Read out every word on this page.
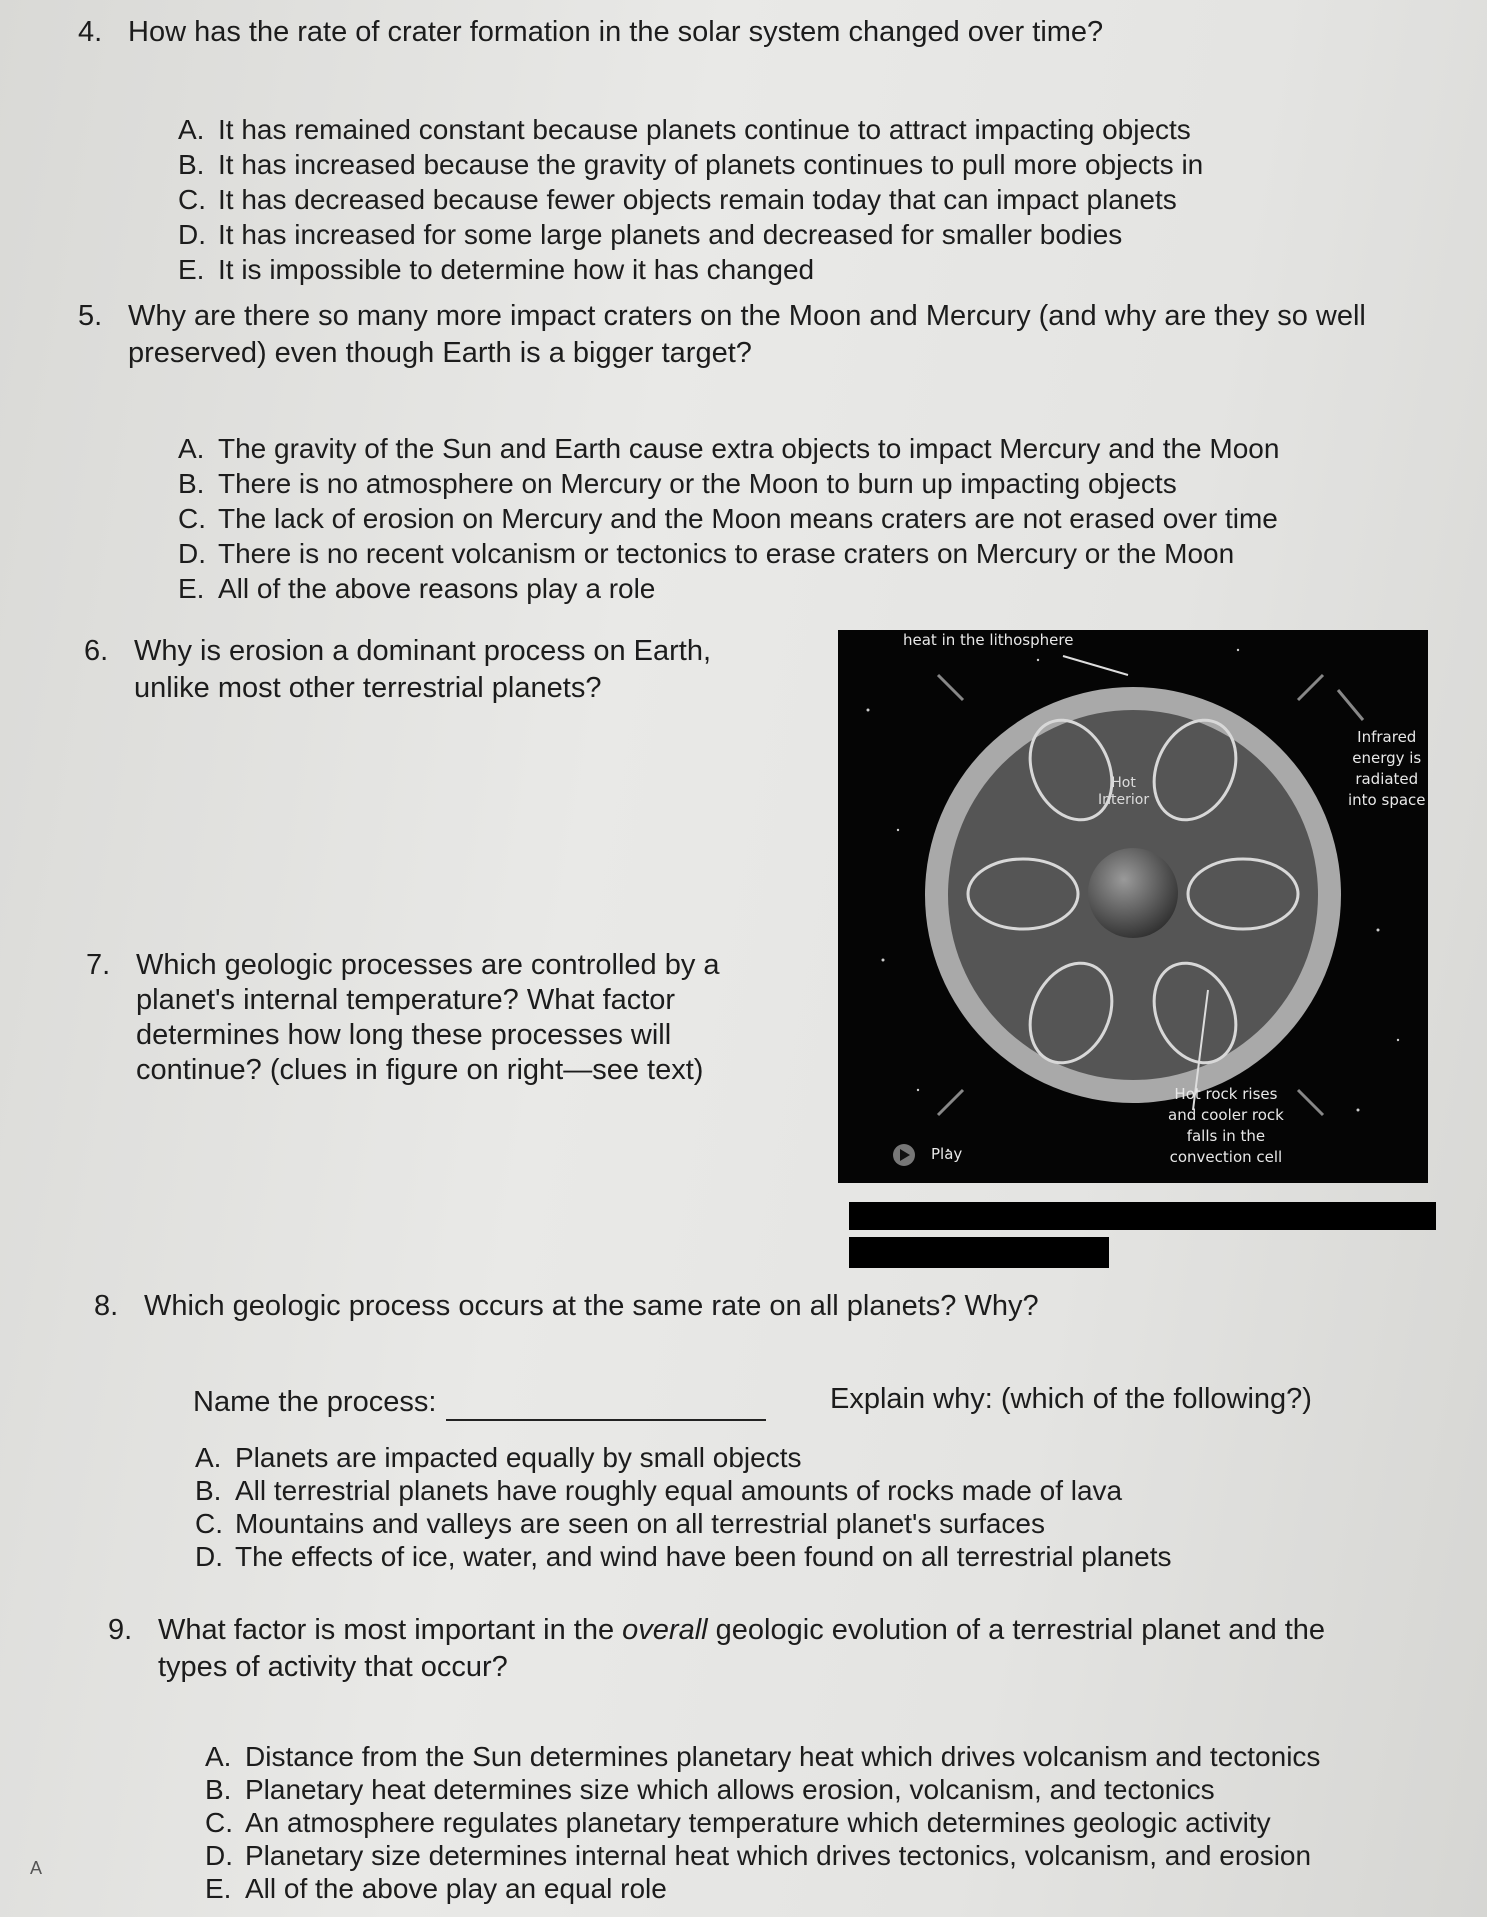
4. How has the rate of crater formation in the solar system changed over time?
A. It has remained constant because planets continue to attract impacting objects
B. It has increased because the gravity of planets continues to pull more objects in
C. It has decreased because fewer objects remain today that can impact planets
D. It has increased for some large planets and decreased for smaller bodies
E. It is impossible to determine how it has changed
5. Why are there so many more impact craters on the Moon and Mercury (and why are they so well
preserved) even though Earth is a bigger target?
A. The gravity of the Sun and Earth cause extra objects to impact Mercury and the Moon
B. There is no atmosphere on Mercury or the Moon to burn up impacting objects
C. The lack of erosion on Mercury and the Moon means craters are not erased over time
D. There is no recent volcanism or tectonics to erase craters on Mercury or the Moon
E. All of the above reasons play a role
6. Why is erosion a dominant process on Earth,
unlike most other terrestrial planets?
7. Which geologic processes are controlled by a
planet's internal temperature? What factor
determines how long these processes will
continue? (clues in figure on right—see text)
heat in the lithosphere
Infrared
energy is
radiated
into space
Hot
Interior
Hot rock rises
and cooler rock
falls in the
convection cell
Play
8. Which geologic process occurs at the same rate on all planets? Why?
Name the process:	Explain why: (which of the following?)
A. Planets are impacted equally by small objects
B. All terrestrial planets have roughly equal amounts of rocks made of lava
C. Mountains and valleys are seen on all terrestrial planet's surfaces
D. The effects of ice, water, and wind have been found on all terrestrial planets
9. What factor is most important in the overall geologic evolution of a terrestrial planet and the
types of activity that occur?
A. Distance from the Sun determines planetary heat which drives volcanism and tectonics
B. Planetary heat determines size which allows erosion, volcanism, and tectonics
C. An atmosphere regulates planetary temperature which determines geologic activity
D. Planetary size determines internal heat which drives tectonics, volcanism, and erosion
E. All of the above play an equal role
A
